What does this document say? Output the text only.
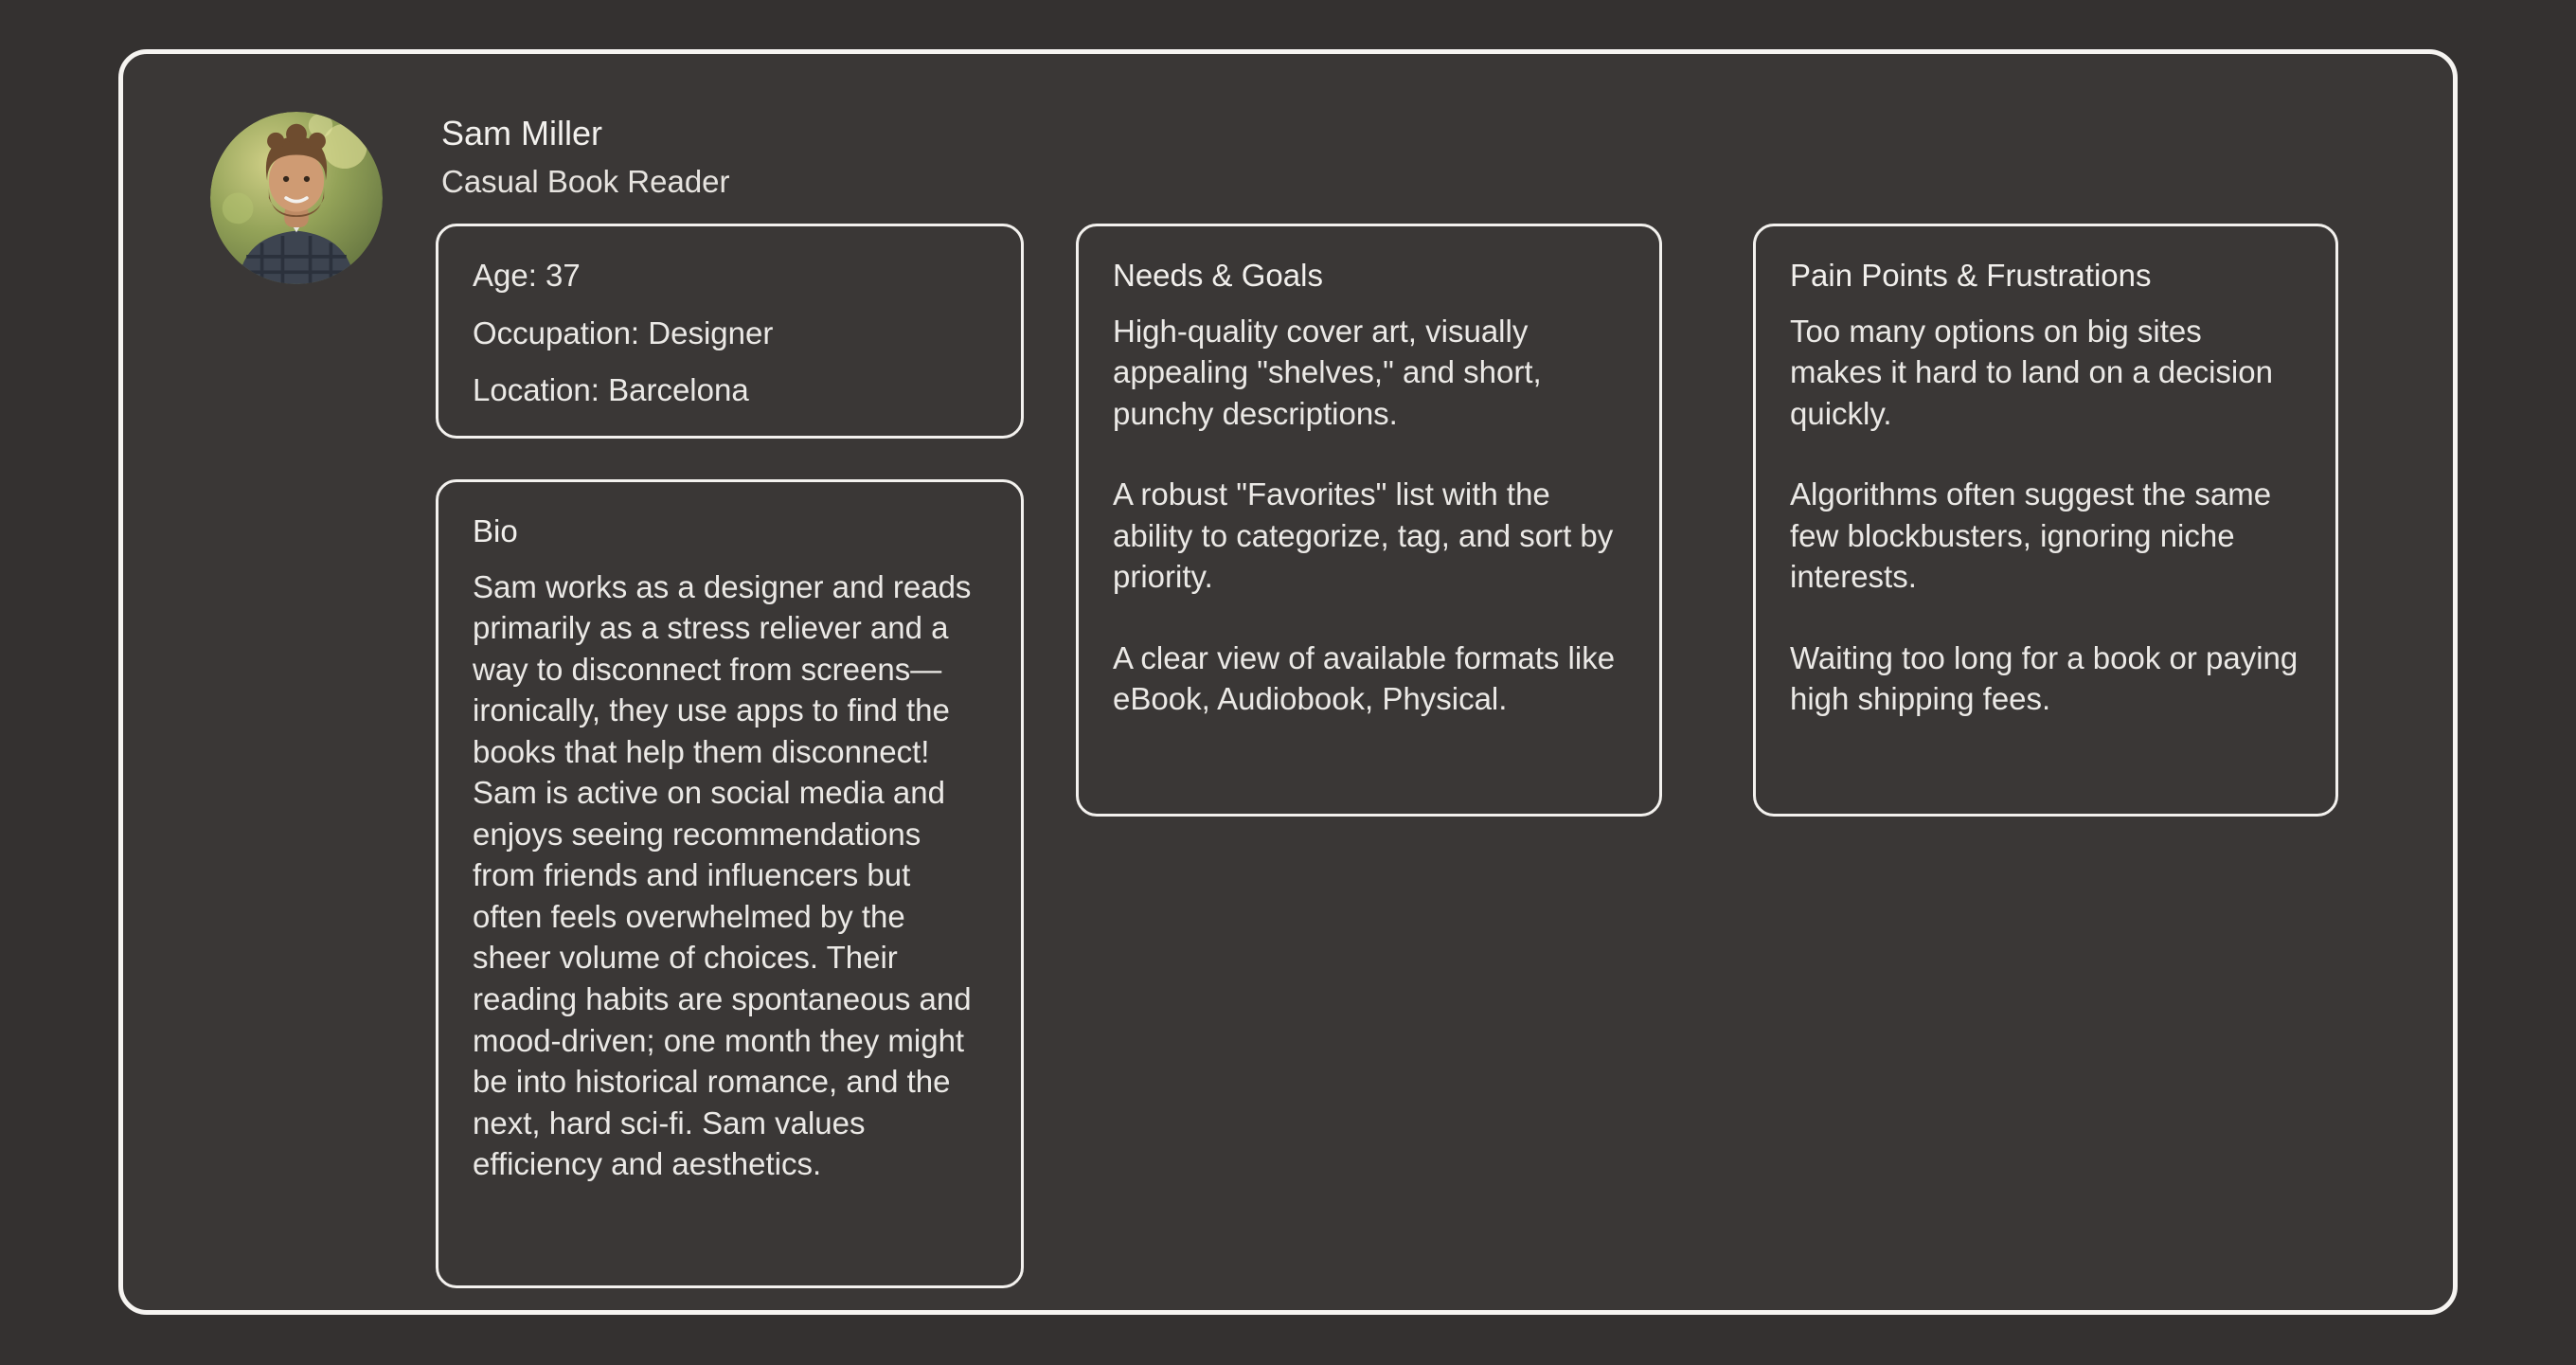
Sam Miller
Casual Book Reader
Age: 37
Occupation: Designer
Location: Barcelona
Bio
Sam works as a designer and reads primarily as a stress reliever and a way to disconnect from screens—ironically, they use apps to find the books that help them disconnect! Sam is active on social media and enjoys seeing recommendations from friends and influencers but often feels overwhelmed by the sheer volume of choices. Their reading habits are spontaneous and mood-driven; one month they might be into historical romance, and the next, hard sci-fi. Sam values efficiency and aesthetics.
Needs & Goals
High-quality cover art, visually appealing "shelves," and short, punchy descriptions.
A robust "Favorites" list with the ability to categorize, tag, and sort by priority.
A clear view of available formats like eBook, Audiobook, Physical.
Pain Points & Frustrations
Too many options on big sites makes it hard to land on a decision quickly.
Algorithms often suggest the same few blockbusters, ignoring niche interests.
Waiting too long for a book or paying high shipping fees.
